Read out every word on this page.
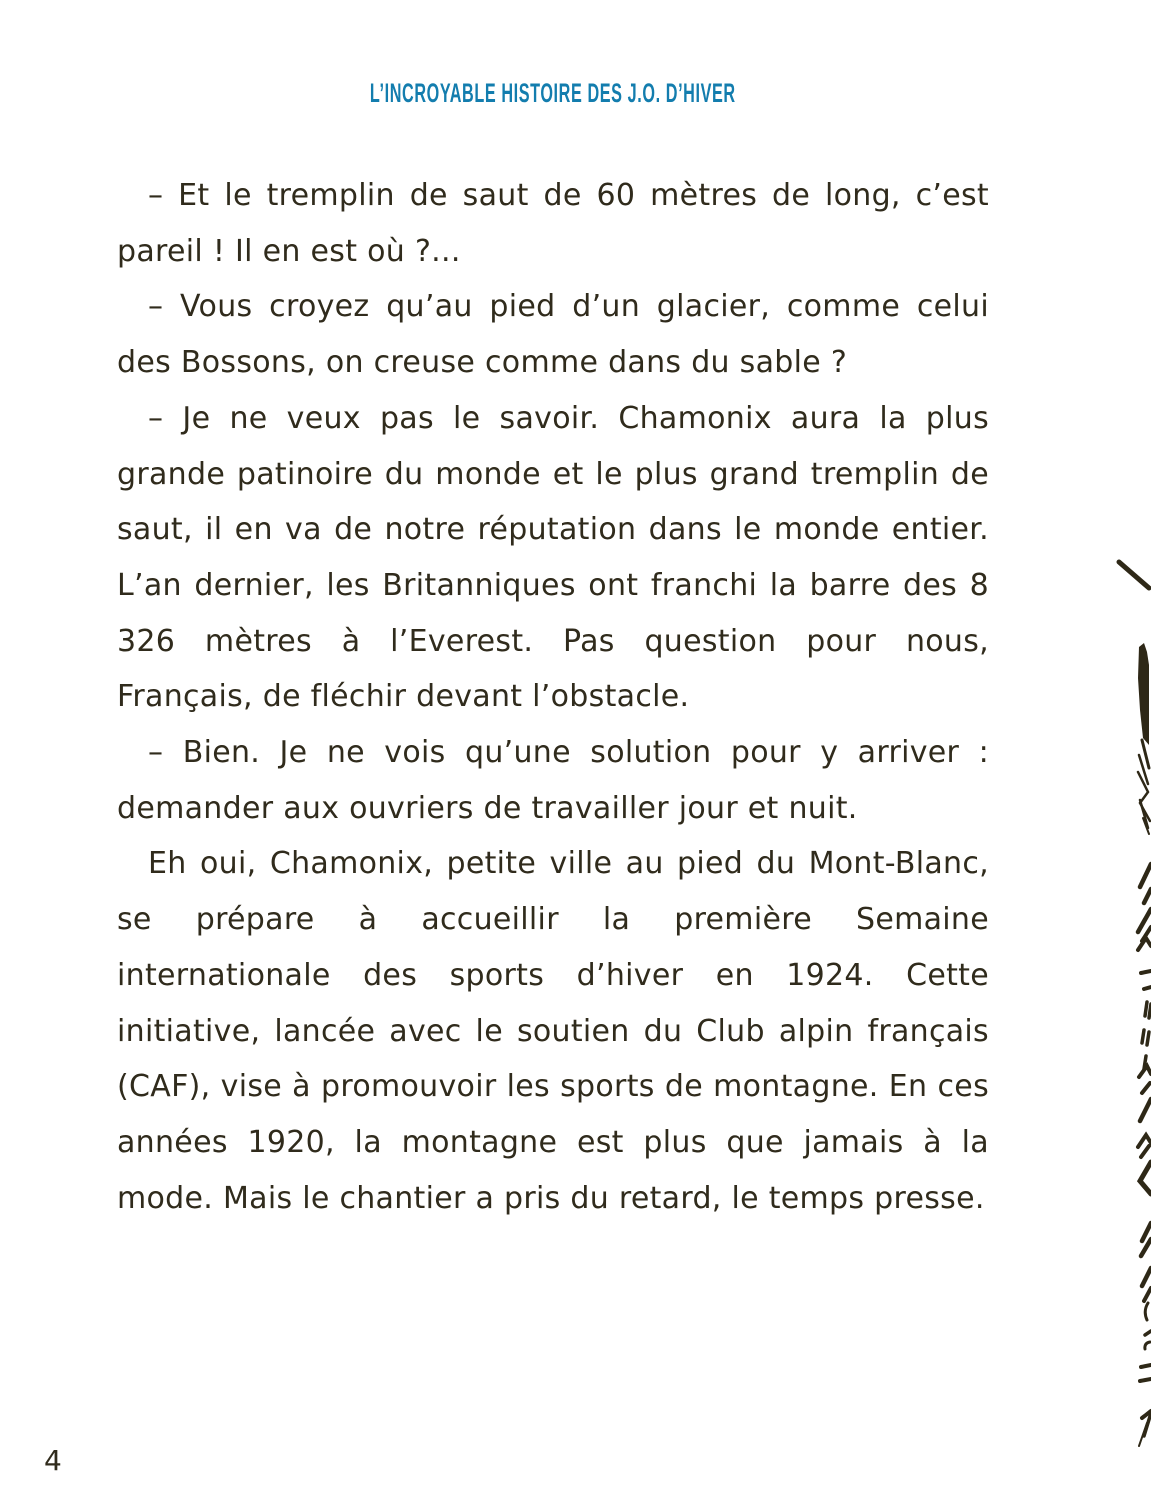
L’INCROYABLE HISTOIRE DES J.O. D’HIVER

– Et le tremplin de saut de 60 mètres de long, c’est pareil ! Il en est où ?...

– Vous croyez qu’au pied d’un glacier, comme celui des Bossons, on creuse comme dans du sable ?

– Je ne veux pas le savoir. Chamonix aura la plus grande patinoire du monde et le plus grand tremplin de saut, il en va de notre réputation dans le monde entier. L’an dernier, les Britanniques ont franchi la barre des 8 326 mètres à l’Everest. Pas question pour nous, Français, de fléchir devant l’obstacle.

– Bien. Je ne vois qu’une solution pour y arriver : demander aux ouvriers de travailler jour et nuit.

Eh oui, Chamonix, petite ville au pied du Mont-Blanc, se prépare à accueillir la première Semaine internationale des sports d’hiver en 1924. Cette initiative, lancée avec le soutien du Club alpin français (CAF), vise à promouvoir les sports de montagne. En ces années 1920, la montagne est plus que jamais à la mode. Mais le chantier a pris du retard, le temps presse.

4
